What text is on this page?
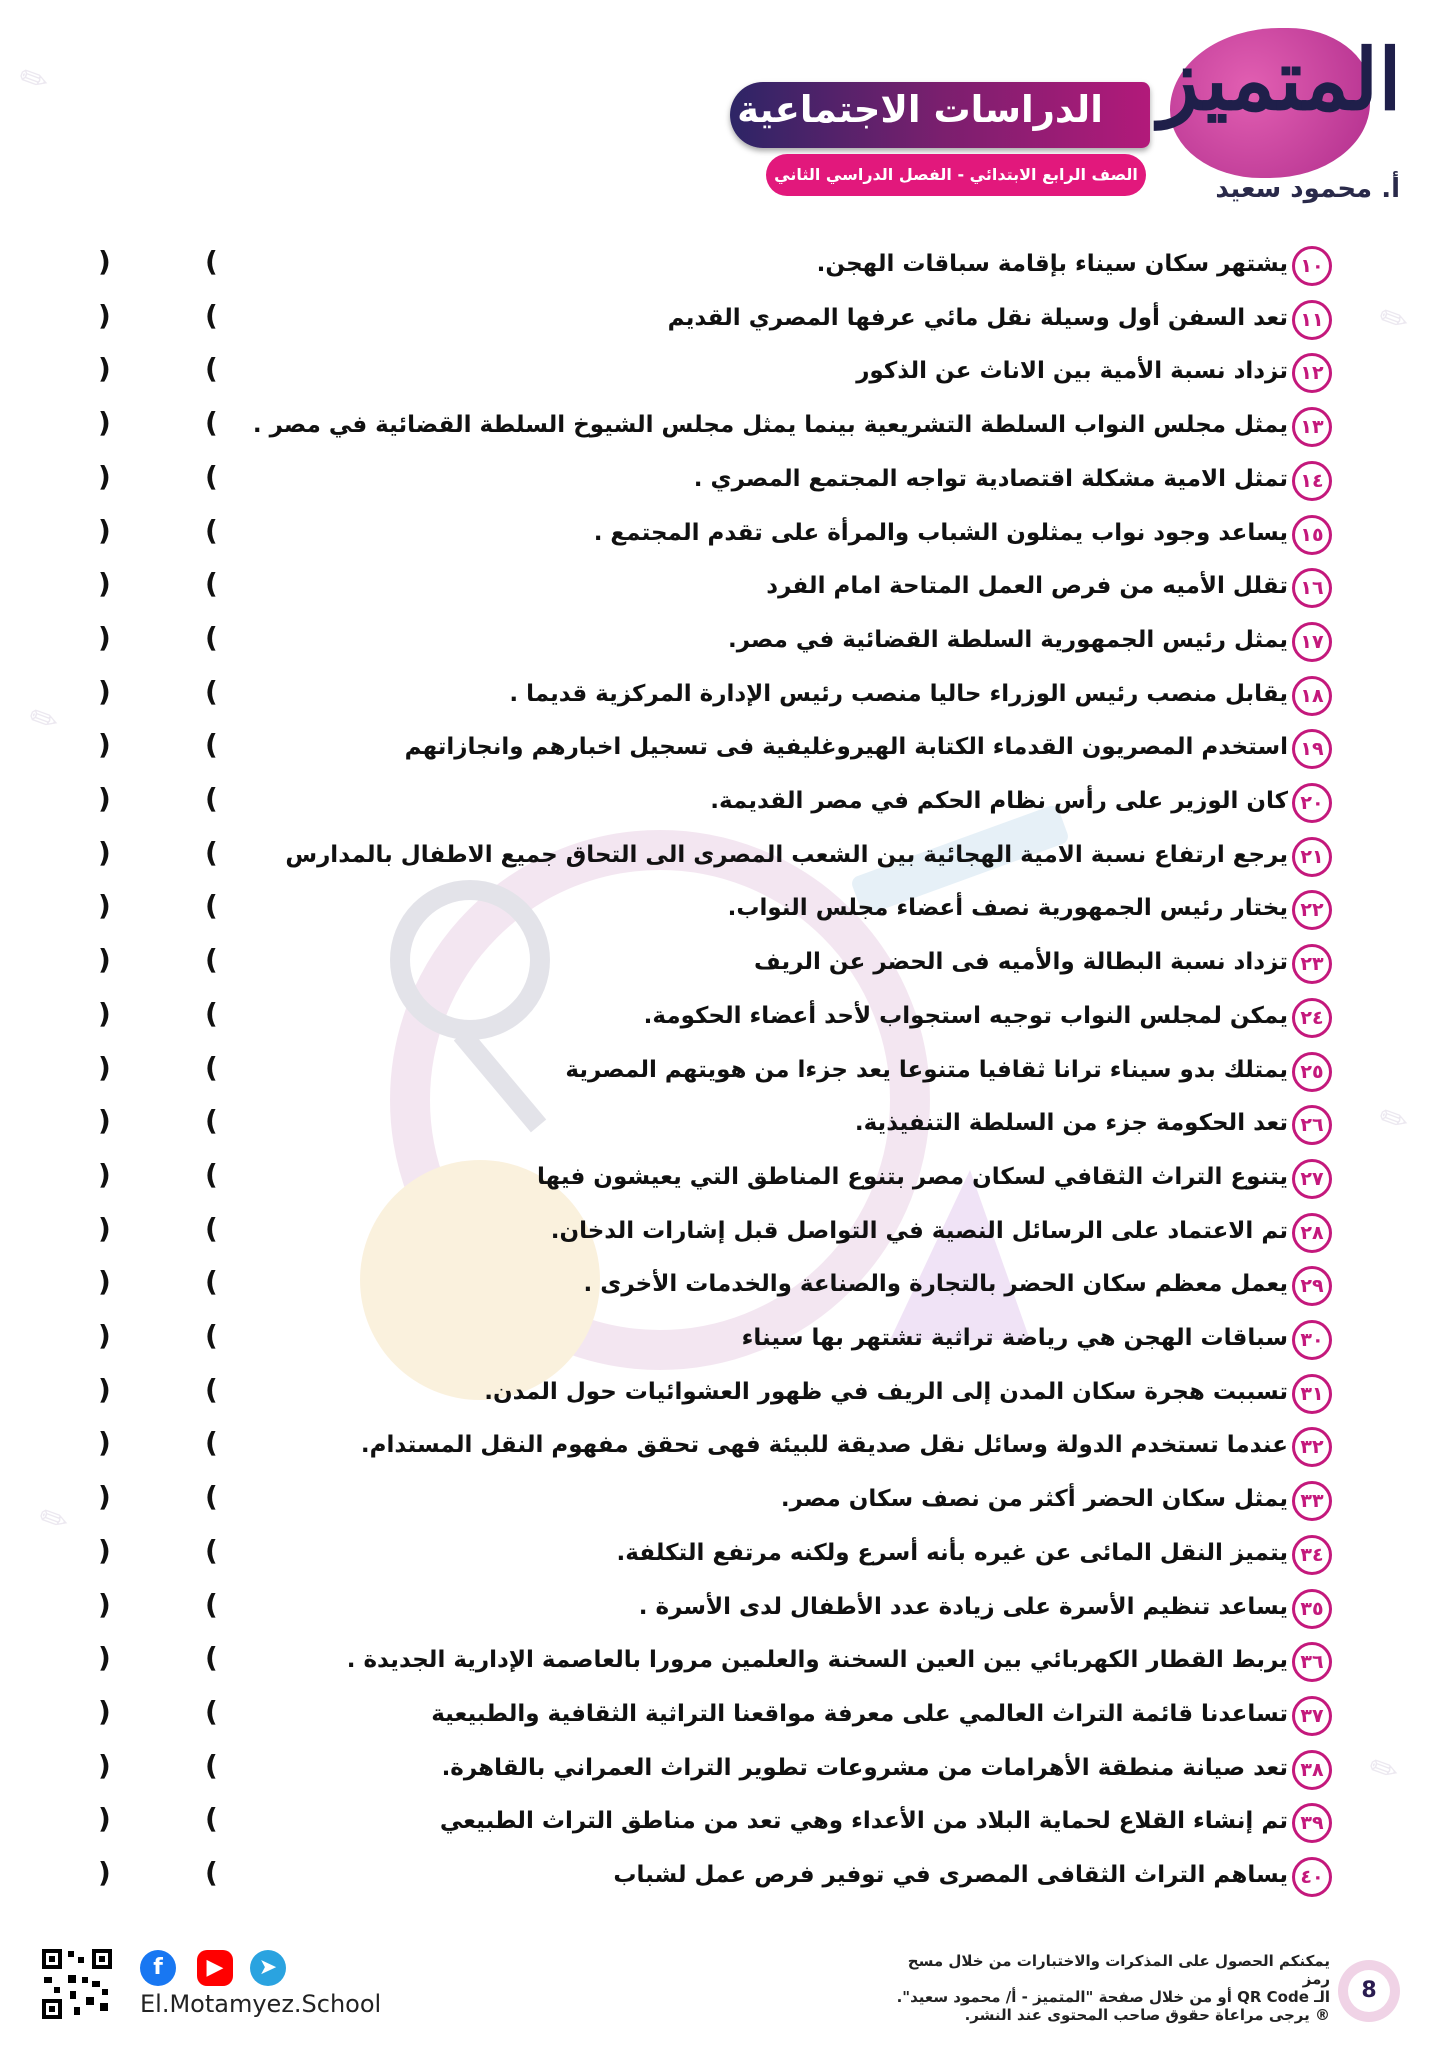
✎
✎
✎
✎
✎
✎
المتميز
أ. محمود سعيد
الدراسات الاجتماعية
الصف الرابع الابتدائي - الفصل الدراسي الثاني
١٠
يشتهر سكان سيناء بإقامة سباقات الهجن.
)	(
١١
تعد السفن أول وسيلة نقل مائي عرفها المصري القديم
)	(
١٢
تزداد نسبة الأمية بين الاناث عن الذكور
)	(
١٣
يمثل مجلس النواب السلطة التشريعية بينما يمثل مجلس الشيوخ السلطة القضائية في مصر .
)	(
١٤
تمثل الامية مشكلة اقتصادية تواجه المجتمع المصري .
)	(
١٥
يساعد وجود نواب يمثلون الشباب والمرأة على تقدم المجتمع .
)	(
١٦
تقلل الأميه من فرص العمل المتاحة امام الفرد
)	(
١٧
يمثل رئيس الجمهورية السلطة القضائية في مصر.
)	(
١٨
يقابل منصب رئيس الوزراء حاليا منصب رئيس الإدارة المركزية قديما .
)	(
١٩
استخدم المصريون القدماء الكتابة الهيروغليفية فى تسجيل اخبارهم وانجازاتهم
)	(
٢٠
كان الوزير على رأس نظام الحكم في مصر القديمة.
)	(
٢١
يرجع ارتفاع نسبة الامية الهجائية بين الشعب المصرى الى التحاق جميع الاطفال بالمدارس
)	(
٢٢
يختار رئيس الجمهورية نصف أعضاء مجلس النواب.
)	(
٢٣
تزداد نسبة البطالة والأميه فى الحضر عن الريف
)	(
٢٤
يمكن لمجلس النواب توجيه استجواب لأحد أعضاء الحكومة.
)	(
٢٥
يمتلك بدو سيناء ترانا ثقافيا متنوعا يعد جزءا من هويتهم المصرية
)	(
٢٦
تعد الحكومة جزء من السلطة التنفيذية.
)	(
٢٧
يتنوع التراث الثقافي لسكان مصر بتنوع المناطق التي يعيشون فيها
)	(
٢٨
تم الاعتماد على الرسائل النصية في التواصل قبل إشارات الدخان.
)	(
٢٩
يعمل معظم سكان الحضر بالتجارة والصناعة والخدمات الأخرى .
)	(
٣٠
سباقات الهجن هي رياضة تراثية تشتهر بها سيناء
)	(
٣١
تسببت هجرة سكان المدن إلى الريف في ظهور العشوائيات حول المدن.
)	(
٣٢
عندما تستخدم الدولة وسائل نقل صديقة للبيئة فهى تحقق مفهوم النقل المستدام.
)	(
٣٣
يمثل سكان الحضر أكثر من نصف سكان مصر.
)	(
٣٤
يتميز النقل المائى عن غيره بأنه أسرع ولكنه مرتفع التكلفة.
)	(
٣٥
يساعد تنظيم الأسرة على زيادة عدد الأطفال لدى الأسرة .
)	(
٣٦
يربط القطار الكهربائي بين العين السخنة والعلمين مرورا بالعاصمة الإدارية الجديدة .
)	(
٣٧
تساعدنا قائمة التراث العالمي على معرفة مواقعنا التراثية الثقافية والطبيعية
)	(
٣٨
تعد صيانة منطقة الأهرامات من مشروعات تطوير التراث العمراني بالقاهرة.
)	(
٣٩
تم إنشاء القلاع لحماية البلاد من الأعداء وهي تعد من مناطق التراث الطبيعي
)	(
٤٠
يساهم التراث الثقافى المصرى في توفير فرص عمل لشباب
)	(
f	▶	➤
El.Motamyez.School
يمكنكم الحصول على المذكرات والاختبارات من خلال مسح رمز
الـ QR Code أو من خلال صفحة "المتميز - أ/ محمود سعيد".
® يرجى مراعاة حقوق صاحب المحتوى عند النشر.
8
